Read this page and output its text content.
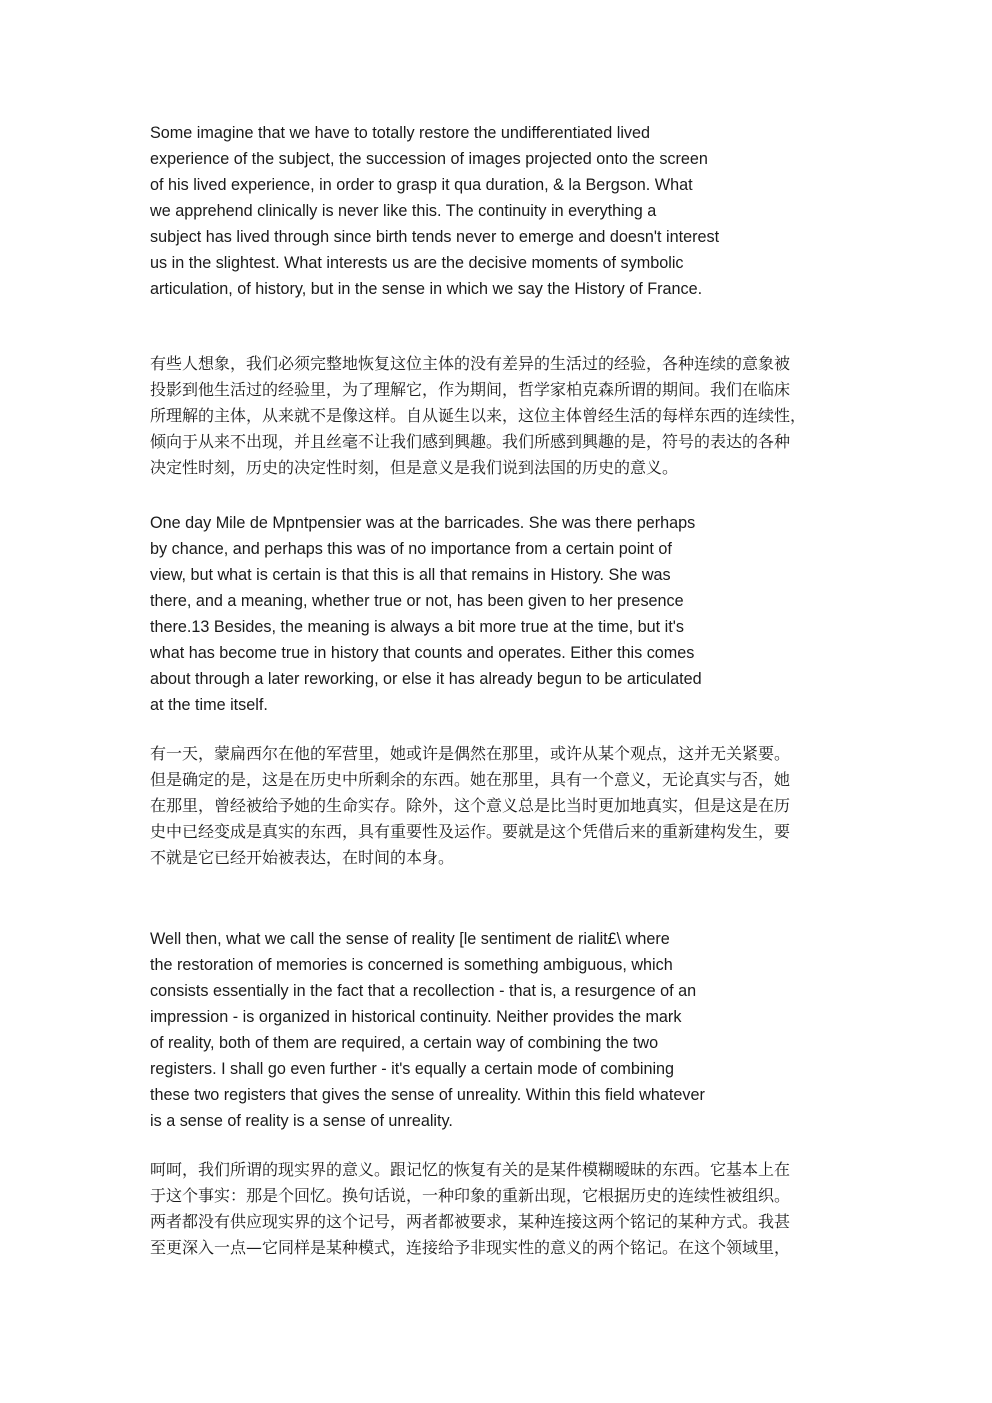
Some imagine that we have to totally restore the undifferentiated lived
experience of the subject, the succession of images projected onto the screen
of his lived experience, in order to grasp it qua duration, & la Bergson. What
we apprehend clinically is never like this. The continuity in everything a
subject has lived through since birth tends never to emerge and doesn't interest
us in the slightest. What interests us are the decisive moments of symbolic
articulation, of history, but in the sense in which we say the History of France.
有些人想象，我们必须完整地恢复这位主体的没有差异的生活过的经验，各种连续的意象被
投影到他生活过的经验里，为了理解它，作为期间，哲学家柏克森所谓的期间。我们在临床
所理解的主体，从来就不是像这样。自从诞生以来，这位主体曾经生活的每样东西的连续性，
倾向于从来不出现，并且丝毫不让我们感到興趣。我们所感到興趣的是，符号的表达的各种
决定性时刻，历史的决定性时刻，但是意义是我们说到法国的历史的意义。
One day Mile de Mpntpensier was at the barricades. She was there perhaps
by chance, and perhaps this was of no importance from a certain point of
view, but what is certain is that this is all that remains in History. She was
there, and a meaning, whether true or not, has been given to her presence
there.13 Besides, the meaning is always a bit more true at the time, but it's
what has become true in history that counts and operates. Either this comes
about through a later reworking, or else it has already begun to be articulated
at the time itself.
有一天，蒙扁西尔在他的军营里，她或许是偶然在那里，或许从某个观点，这并无关紧要。
但是确定的是，这是在历史中所剩余的东西。她在那里，具有一个意义，无论真实与否，她
在那里，曾经被给予她的生命实存。除外，这个意义总是比当时更加地真实，但是这是在历
史中已经变成是真实的东西，具有重要性及运作。要就是这个凭借后来的重新建构发生，要
不就是它已经开始被表达，在时间的本身。
Well then, what we call the sense of reality [le sentiment de rialit£\ where
the restoration of memories is concerned is something ambiguous, which
consists essentially in the fact that a recollection - that is, a resurgence of an
impression - is organized in historical continuity. Neither provides the mark
of reality, both of them are required, a certain way of combining the two
registers. I shall go even further - it's equally a certain mode of combining
these two registers that gives the sense of unreality. Within this field whatever
is a sense of reality is a sense of unreality.
呵呵，我们所谓的现实界的意义。跟记忆的恢复有关的是某件模糊暧昧的东西。它基本上在
于这个事实：那是个回忆。换句话说，一种印象的重新出现，它根据历史的连续性被组织。
两者都没有供应现实界的这个记号，两者都被要求，某种连接这两个铭记的某种方式。我甚
至更深入一点—它同样是某种模式，连接给予非现实性的意义的两个铭记。在这个领域里，
